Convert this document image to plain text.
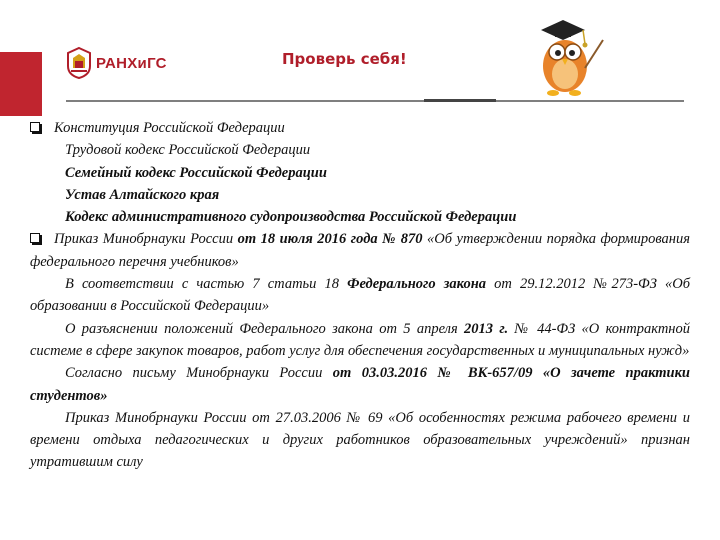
РАНХиГС	Проверь себя!

Конституция Российской Федерации

Трудовой кодекс Российской Федерации

Семейный кодекс Российской Федерации

Устав Алтайского края

Кодекс административного судопроизводства Российской Федерации

Приказ Минобрнауки России от 18 июля 2016 года № 870 «Об утверждении порядка формирования федерального перечня учебников»

В соответствии с частью 7 статьи 18 Федерального закона от 29.12.2012 №273-ФЗ «Об образовании в Российской Федерации»

О разъяснении положений Федерального закона от 5 апреля 2013 г. № 44-ФЗ «О контрактной системе в сфере закупок товаров, работ услуг для обеспечения государственных и муниципальных нужд»

Согласно письму Минобрнауки России от 03.03.2016 № ВК-657/09 «О зачете практики студентов»

Приказ Минобрнауки России от 27.03.2006 № 69 «Об особенностях режима рабочего времени и времени отдыха педагогических и других работников образовательных учреждений» признан утратившим силу
